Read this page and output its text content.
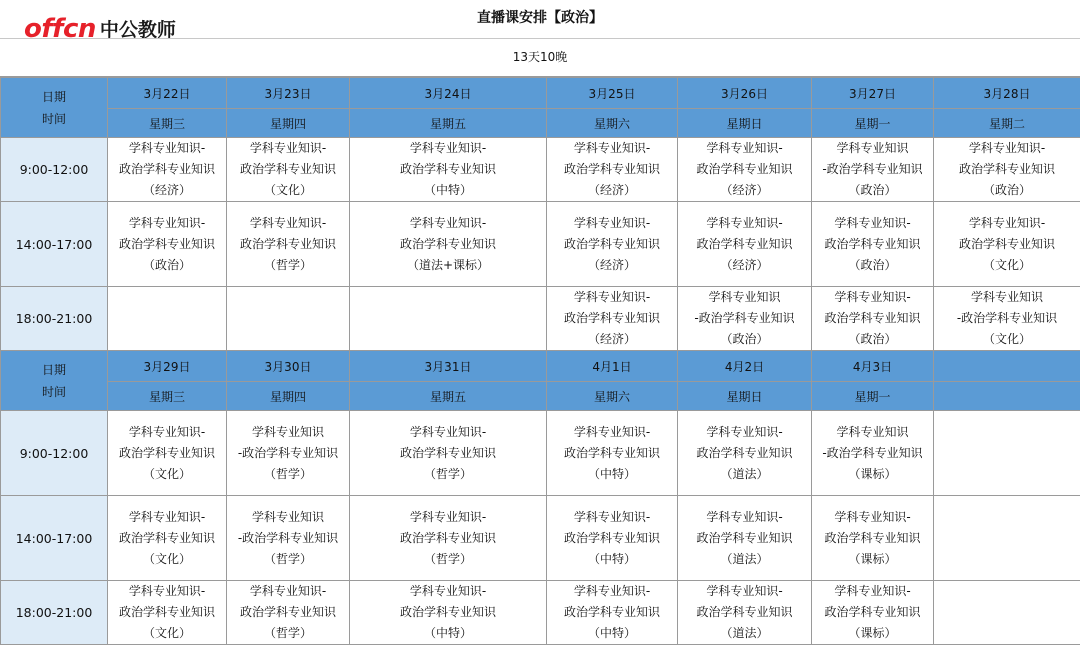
offcn 中公教师
直播课安排【政治】
13天10晚
日期
时间	3月22日	3月23日	3月24日	3月25日	3月26日	3月27日	3月28日
	星期三	星期四	星期五	星期六	星期日	星期一	星期二
9:00-12:00	学科专业知识-
政治学科专业知识
（经济）	学科专业知识-
政治学科专业知识
（文化）	学科专业知识-
政治学科专业知识
（中特）	学科专业知识-
政治学科专业知识
（经济）	学科专业知识-
政治学科专业知识
（经济）	学科专业知识
-政治学科专业知识
（政治）	学科专业知识-
政治学科专业知识
（政治）

14:00-17:00	学科专业知识-
政治学科专业知识
（政治）	学科专业知识-
政治学科专业知识
（哲学）	学科专业知识-
政治学科专业知识
（道法+课标）	学科专业知识-
政治学科专业知识
（经济）	学科专业知识-
政治学科专业知识
（经济）	学科专业知识-
政治学科专业知识
（政治）	学科专业知识-
政治学科专业知识
（文化）

18:00-21:00				学科专业知识-
政治学科专业知识
（经济）	学科专业知识
-政治学科专业知识
（政治）	学科专业知识-
政治学科专业知识
（政治）	学科专业知识
-政治学科专业知识
（文化）

日期
时间	3月29日	3月30日	3月31日	4月1日	4月2日	4月3日	
	星期三	星期四	星期五	星期六	星期日	星期一	
9:00-12:00	学科专业知识-
政治学科专业知识
（文化）	学科专业知识
-政治学科专业知识
（哲学）	学科专业知识-
政治学科专业知识
（哲学）	学科专业知识-
政治学科专业知识
（中特）	学科专业知识-
政治学科专业知识
（道法）	学科专业知识
-政治学科专业知识
（课标）	

14:00-17:00	学科专业知识-
政治学科专业知识
（文化）	学科专业知识
-政治学科专业知识
（哲学）	学科专业知识-
政治学科专业知识
（哲学）	学科专业知识-
政治学科专业知识
（中特）	学科专业知识-
政治学科专业知识
（道法）	学科专业知识-
政治学科专业知识
（课标）	

18:00-21:00	学科专业知识-
政治学科专业知识
（文化）	学科专业知识-
政治学科专业知识
（哲学）	学科专业知识-
政治学科专业知识
（中特）	学科专业知识-
政治学科专业知识
（中特）	学科专业知识-
政治学科专业知识
（道法）	学科专业知识-
政治学科专业知识
（课标）	
